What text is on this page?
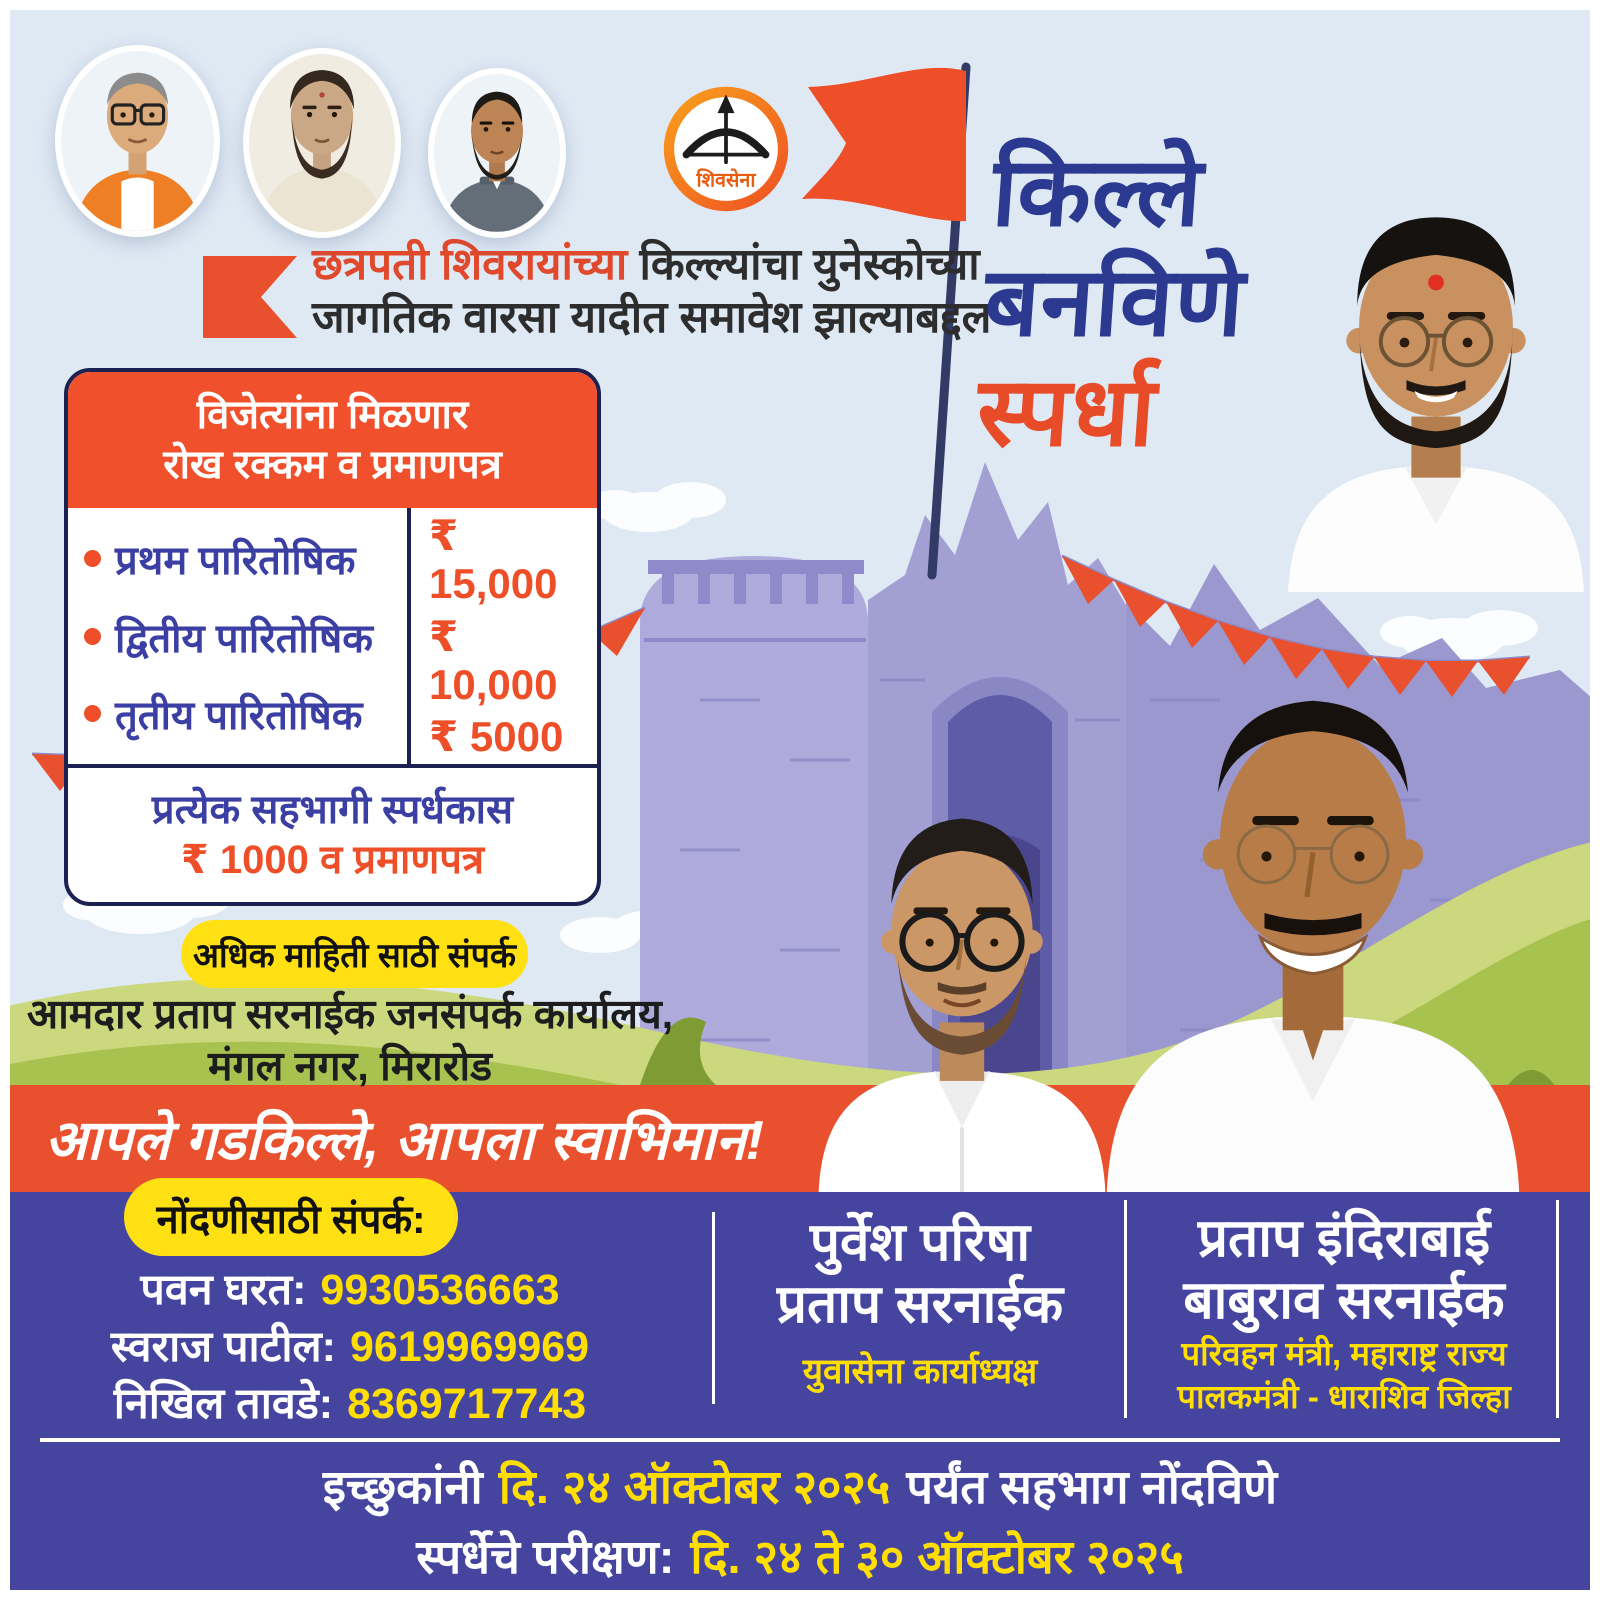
शिवसेना किल्ले
बनविणे
स्पर्धा
छत्रपती शिवरायांच्या किल्ल्यांचा युनेस्कोच्या
जागतिक वारसा यादीत समावेश झाल्याबद्दल
विजेत्यांना मिळणार
रोख रक्कम व प्रमाणपत्र
प्रथम पारितोषिक
द्वितीय पारितोषिक
तृतीय पारितोषिक
₹ 15,000
₹ 10,000
₹ 5000
प्रत्येक सहभागी स्पर्धकास
₹ 1000 व प्रमाणपत्र
अधिक माहिती साठी संपर्क
आमदार प्रताप सरनाईक जनसंपर्क कार्यालय,
मंगल नगर, मिरारोड
आपले गडकिल्ले, आपला स्वाभिमान!
नोंदणीसाठी संपर्क:
पवन घरत: 9930536663
स्वराज पाटील: 9619969969
निखिल तावडे: 8369717743
पुर्वेश परिषा
प्रताप सरनाईक
युवासेना कार्याध्यक्ष
प्रताप इंदिराबाई
बाबुराव सरनाईक
परिवहन मंत्री, महाराष्ट्र राज्य
पालकमंत्री - धाराशिव जिल्हा
इच्छुकांनी दि. २४ ऑक्टोबर २०२५ पर्यंत सहभाग नोंदविणे
स्पर्धेचे परीक्षण: दि. २४ ते ३० ऑक्टोबर २०२५
